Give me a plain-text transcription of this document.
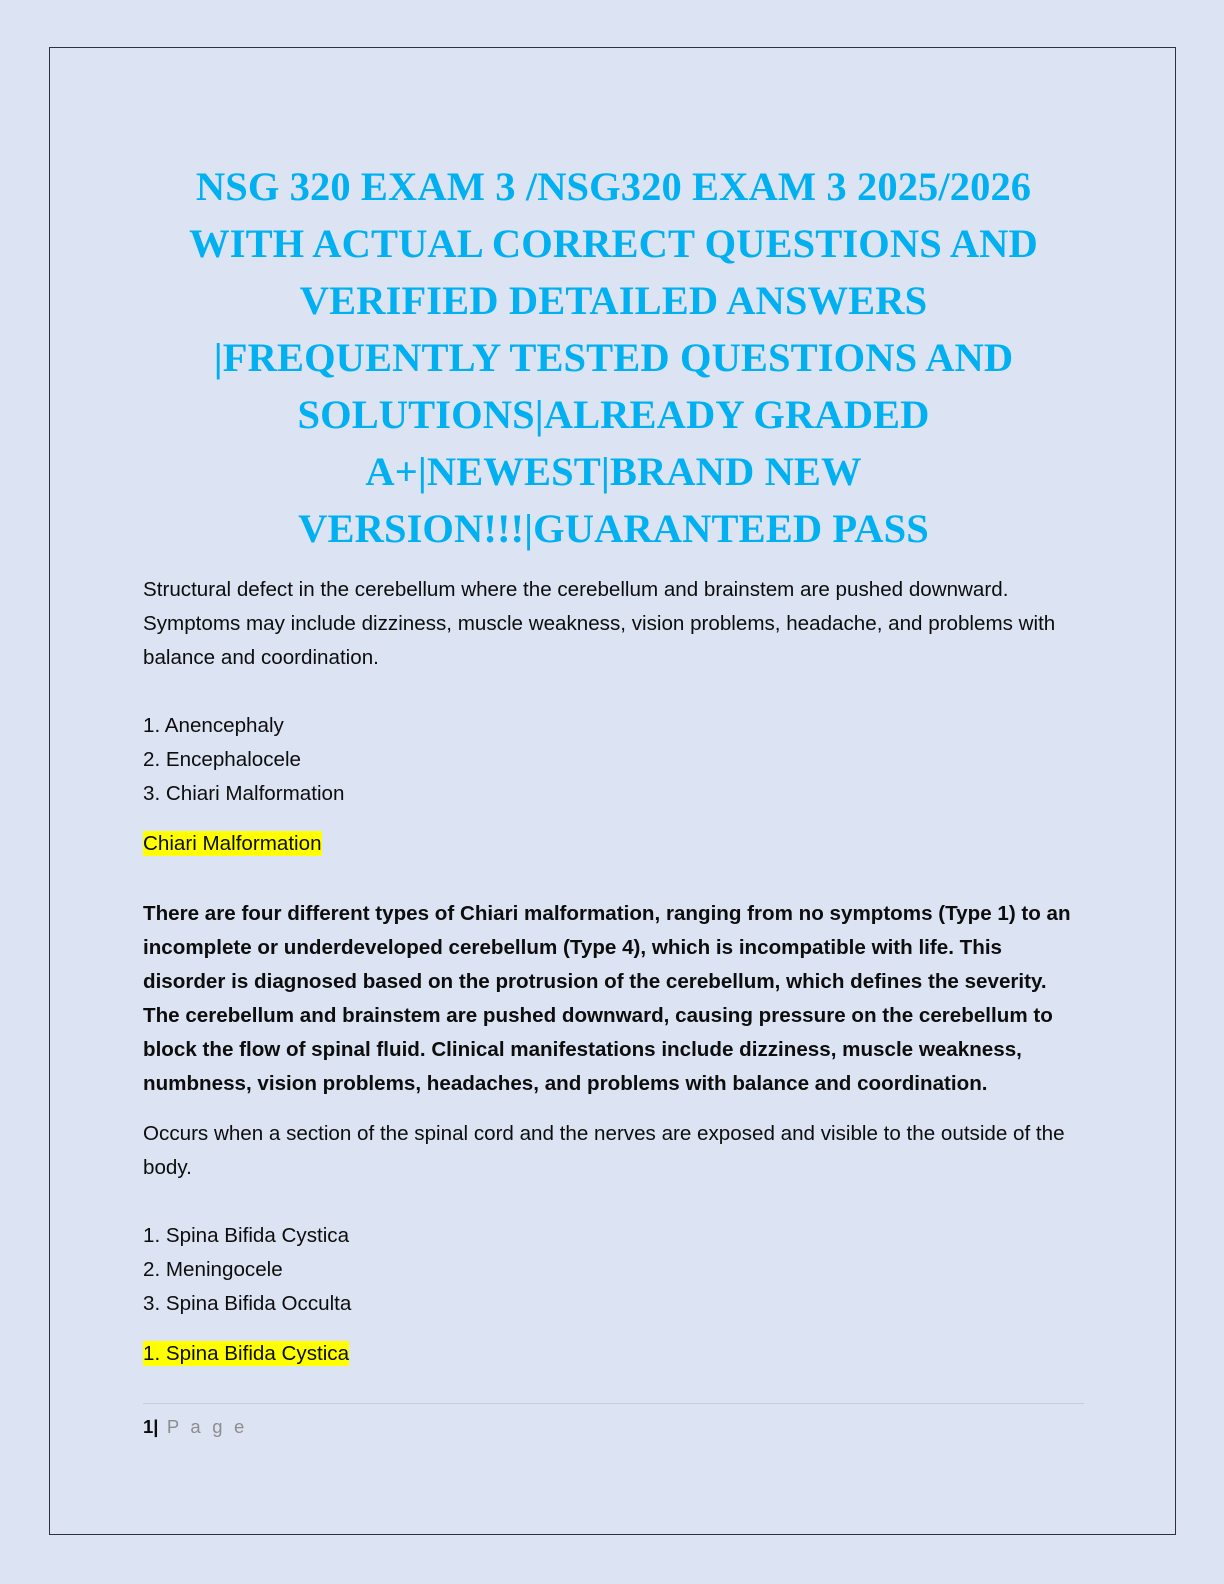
NSG 320 EXAM 3 /NSG320 EXAM 3 2025/2026 WITH ACTUAL CORRECT QUESTIONS AND VERIFIED DETAILED ANSWERS |FREQUENTLY TESTED QUESTIONS AND SOLUTIONS|ALREADY GRADED A+|NEWEST|BRAND NEW VERSION!!!|GUARANTEED PASS

Structural defect in the cerebellum where the cerebellum and brainstem are pushed downward. Symptoms may include dizziness, muscle weakness, vision problems, headache, and problems with balance and coordination.

1. Anencephaly
2. Encephalocele
3. Chiari Malformation

Chiari Malformation

There are four different types of Chiari malformation, ranging from no symptoms (Type 1) to an incomplete or underdeveloped cerebellum (Type 4), which is incompatible with life. This disorder is diagnosed based on the protrusion of the cerebellum, which defines the severity. The cerebellum and brainstem are pushed downward, causing pressure on the cerebellum to block the flow of spinal fluid. Clinical manifestations include dizziness, muscle weakness, numbness, vision problems, headaches, and problems with balance and coordination.

Occurs when a section of the spinal cord and the nerves are exposed and visible to the outside of the body.

1. Spina Bifida Cystica
2. Meningocele
3. Spina Bifida Occulta

1. Spina Bifida Cystica

1| P a g e
